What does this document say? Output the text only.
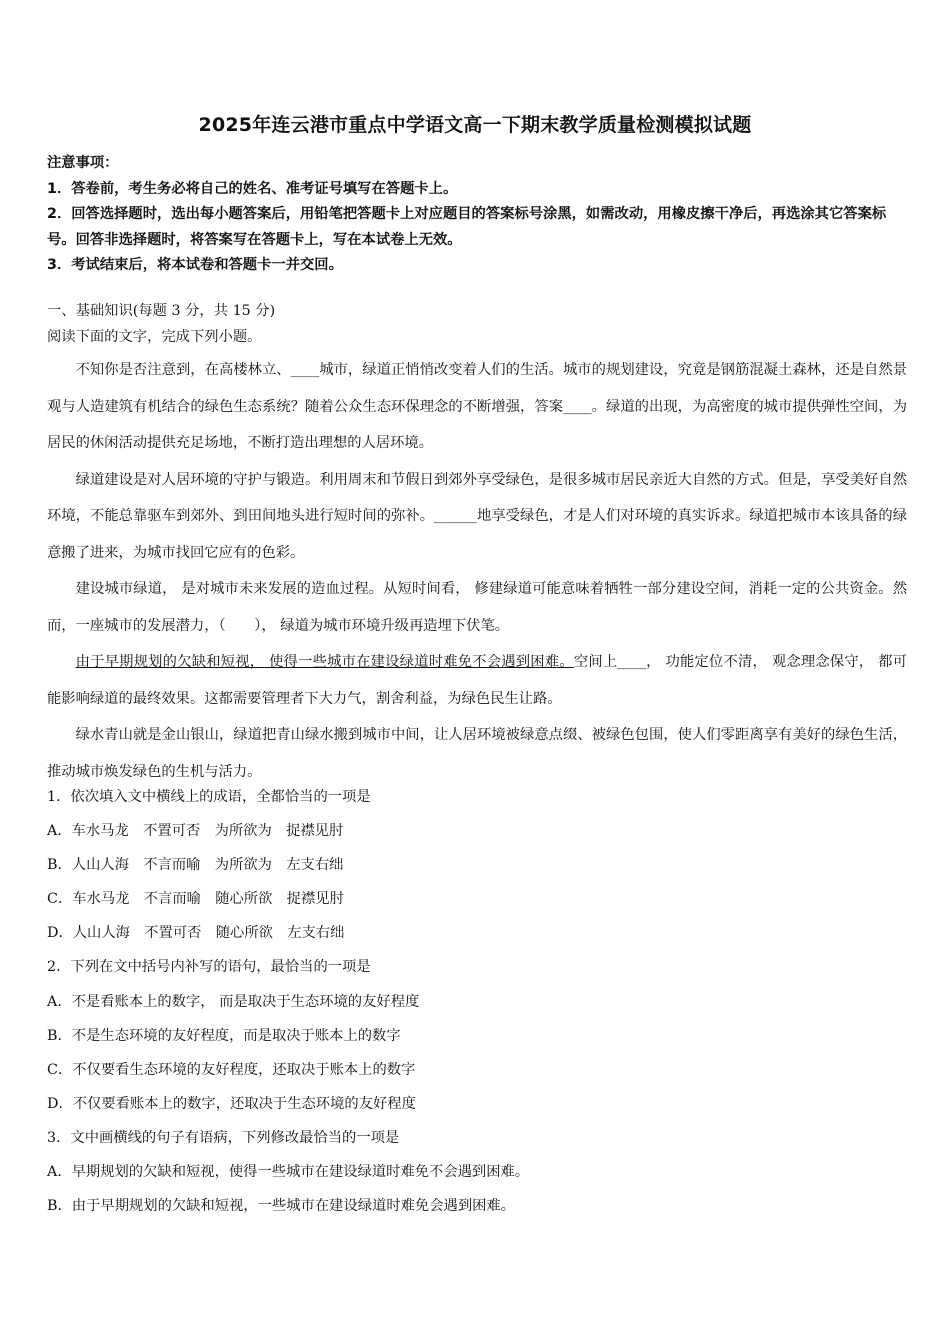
2025年连云港市重点中学语文高一下期末教学质量检测模拟试题

注意事项：

1．答卷前，考生务必将自己的姓名、准考证号填写在答题卡上。

2．回答选择题时，选出每小题答案后，用铅笔把答题卡上对应题目的答案标号涂黑，如需改动，用橡皮擦干净后，再选涂其它答案标号。回答非选择题时，将答案写在答题卡上，写在本试卷上无效。

3．考试结束后，将本试卷和答题卡一并交回。

一、基础知识(每题 3 分，共 15 分)

阅读下面的文字，完成下列小题。

不知你是否注意到，在高楼林立、____城市，绿道正悄悄改变着人们的生活。城市的规划建设，究竟是钢筋混凝土森林，还是自然景观与人造建筑有机结合的绿色生态系统？随着公众生态环保理念的不断增强，答案____。绿道的出现，为高密度的城市提供弹性空间，为居民的休闲活动提供充足场地，不断打造出理想的人居环境。

绿道建设是对人居环境的守护与锻造。利用周末和节假日到郊外享受绿色，是很多城市居民亲近大自然的方式。但是，享受美好自然环境，不能总靠驱车到郊外、到田间地头进行短时间的弥补。______地享受绿色，才是人们对环境的真实诉求。绿道把城市本该具备的绿意搬了进来，为城市找回它应有的色彩。

建设城市绿道， 是对城市未来发展的造血过程。从短时间看， 修建绿道可能意味着牺牲一部分建设空间，消耗一定的公共资金。然而，一座城市的发展潜力，（　　）， 绿道为城市环境升级再造埋下伏笔。

由于早期规划的欠缺和短视， 使得一些城市在建设绿道时难免不会遇到困难。空间上____， 功能定位不清， 观念理念保守， 都可能影响绿道的最终效果。这都需要管理者下大力气，割舍利益，为绿色民生让路。

绿水青山就是金山银山，绿道把青山绿水搬到城市中间，让人居环境被绿意点缀、被绿色包围，使人们零距离享有美好的绿色生活，推动城市焕发绿色的生机与活力。

1．依次填入文中横线上的成语，全都恰当的一项是

A．车水马龙　不置可否　为所欲为　捉襟见肘

B．人山人海　不言而喻　为所欲为　左支右绌

C．车水马龙　不言而喻　随心所欲　捉襟见肘

D．人山人海　不置可否　随心所欲　左支右绌

2．下列在文中括号内补写的语句，最恰当的一项是

A．不是看账本上的数字， 而是取决于生态环境的友好程度

B．不是生态环境的友好程度，而是取决于账本上的数字

C．不仅要看生态环境的友好程度，还取决于账本上的数字

D．不仅要看账本上的数字，还取决于生态环境的友好程度

3．文中画横线的句子有语病，下列修改最恰当的一项是

A．早期规划的欠缺和短视，使得一些城市在建设绿道时难免不会遇到困难。

B．由于早期规划的欠缺和短视，一些城市在建设绿道时难免会遇到困难。
